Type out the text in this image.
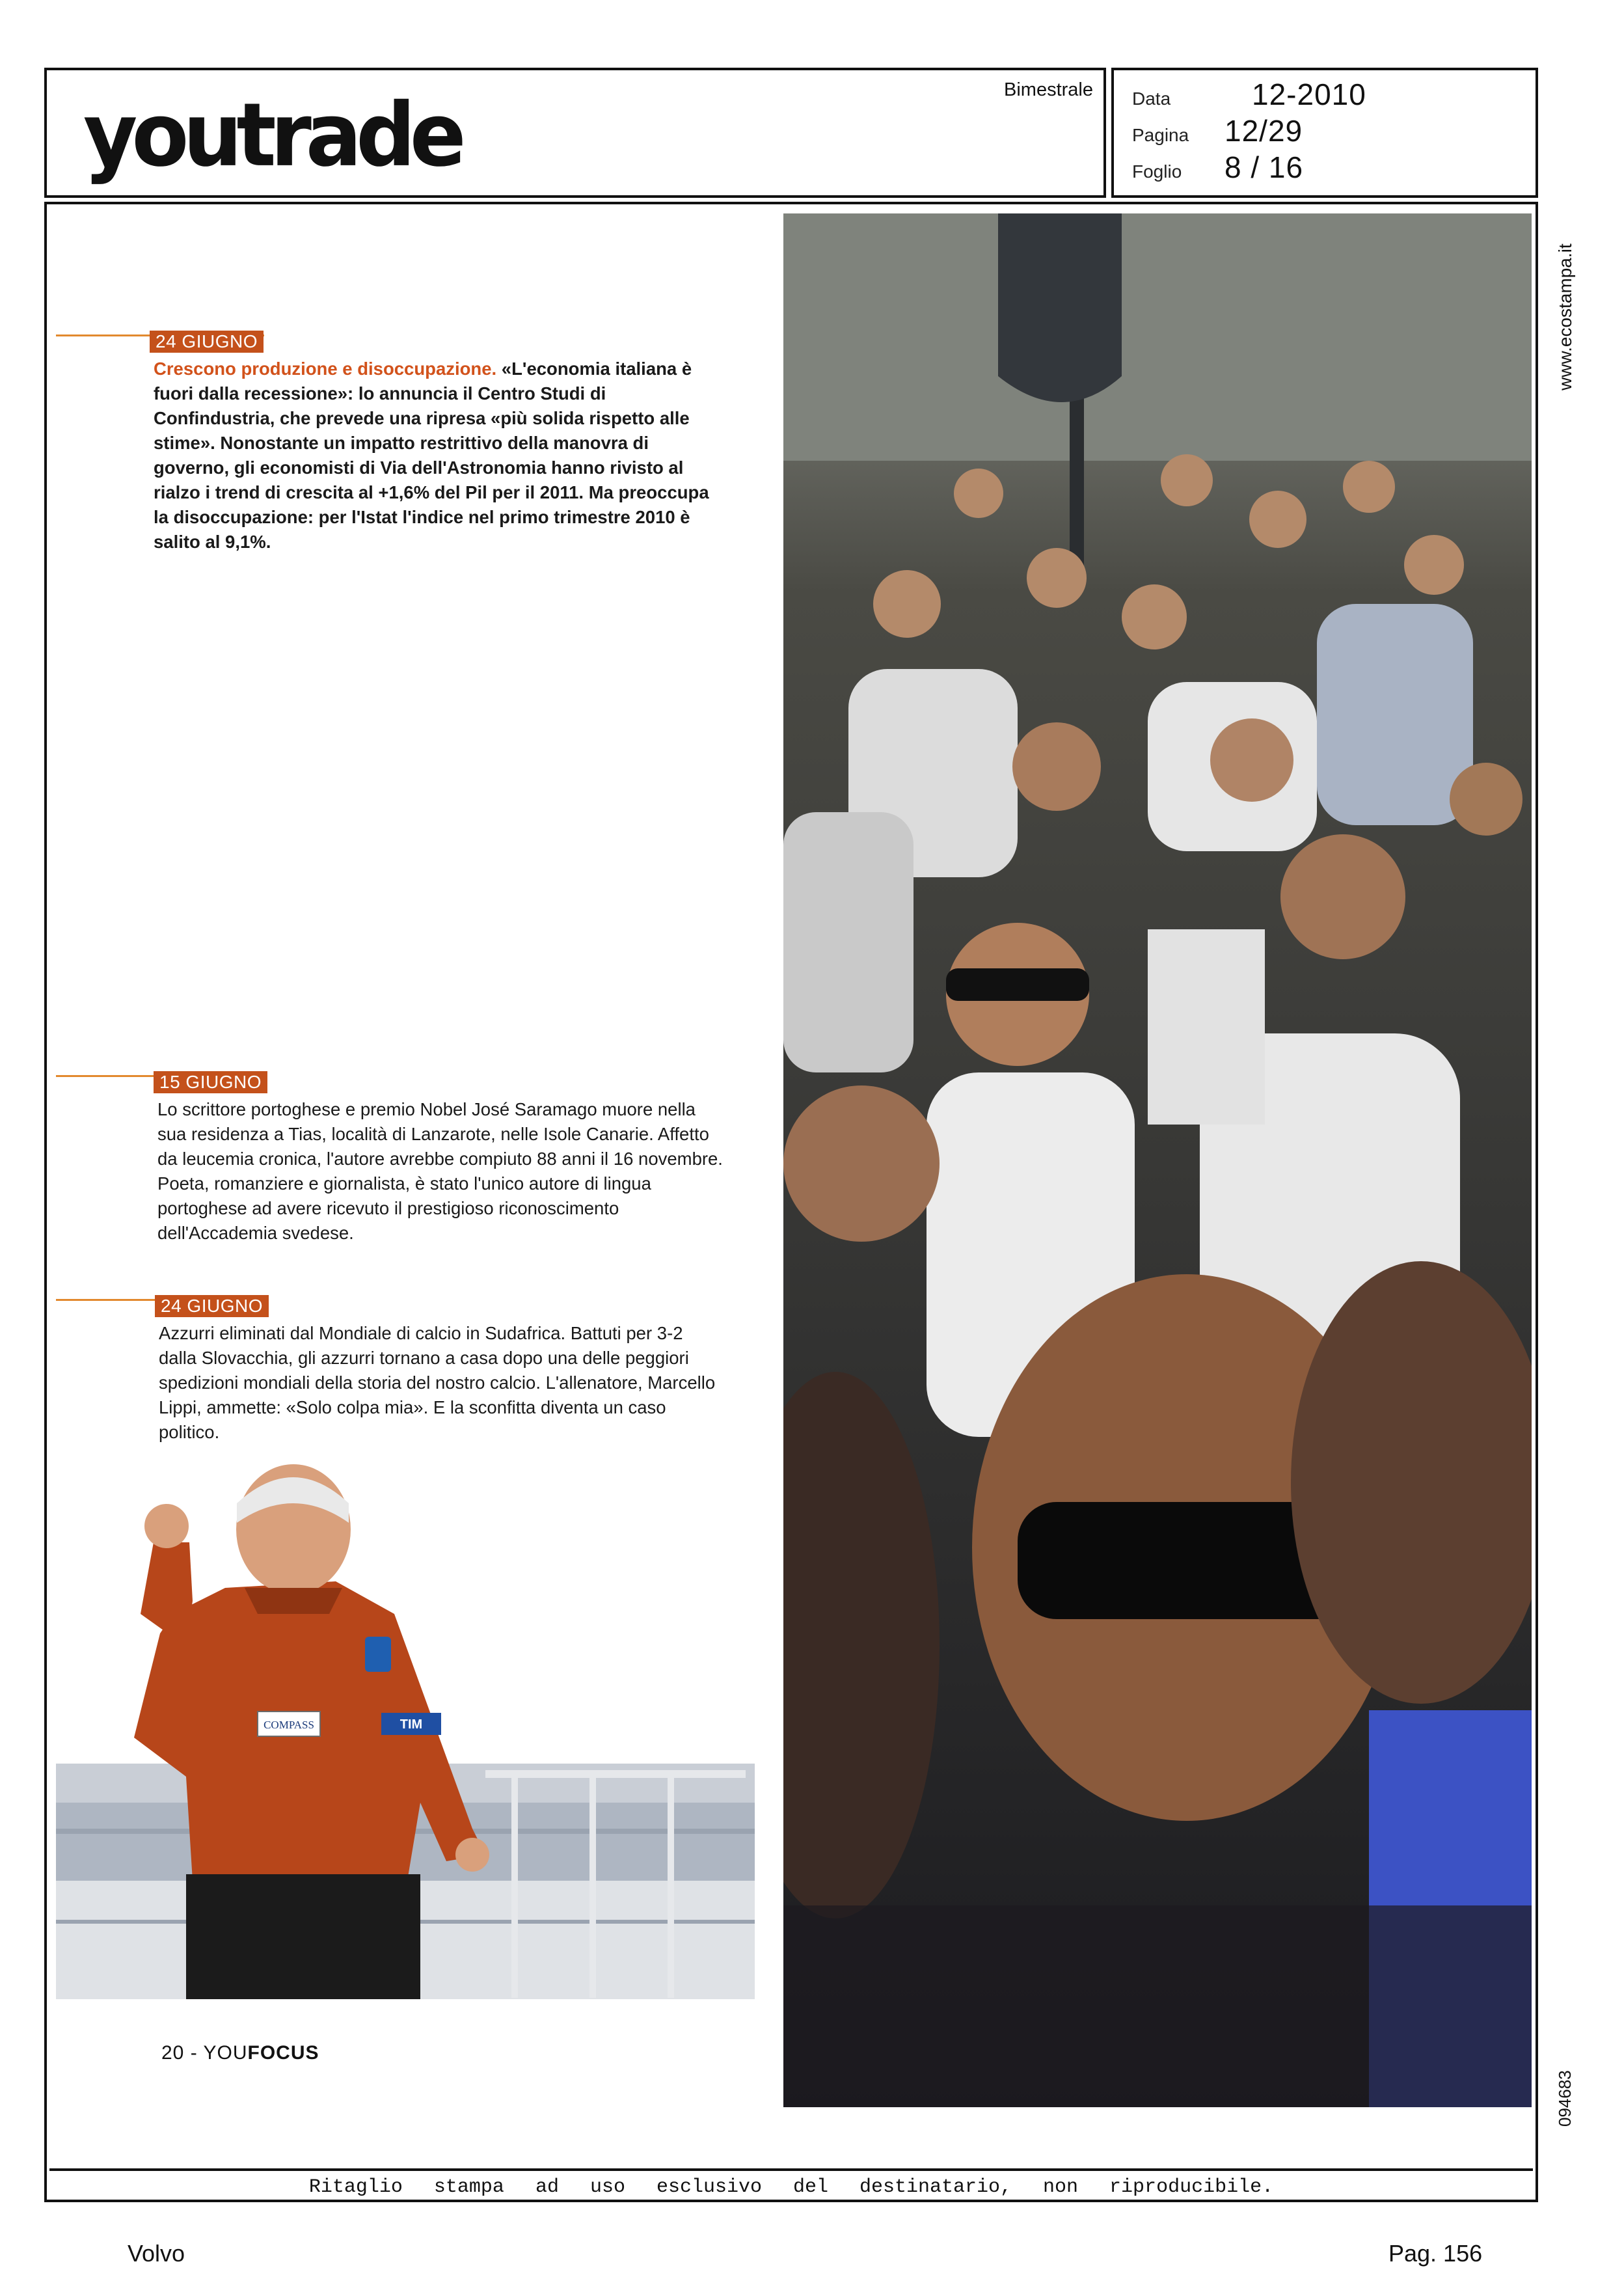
youtrade	Bimestrale Data	12-2010
Pagina	12/29
Foglio	8 / 16
Ritaglio stampa ad uso esclusivo del destinatario, non riproducibile.
www.ecostampa.it
094683
24 GIUGNO
Crescono produzione e disoccupazione. «L'economia italiana è fuori dalla recessione»: lo annuncia il Centro Studi di Confindustria, che prevede una ripresa «più solida rispetto alle stime». Nonostante un impatto restrittivo della manovra di governo, gli economisti di Via dell'Astronomia hanno rivisto al rialzo i trend di crescita al +1,6% del Pil per il 2011. Ma preoccupa la disoccupazione: per l'Istat l'indice nel primo trimestre 2010 è salito al 9,1%.
15 GIUGNO
Lo scrittore portoghese e premio Nobel José Saramago muore nella sua residenza a Tias, località di Lanzarote, nelle Isole Canarie. Affetto da leucemia cronica, l'autore avrebbe compiuto 88 anni il 16 novembre. Poeta, romanziere e giornalista, è stato l'unico autore di lingua portoghese ad avere ricevuto il prestigioso riconoscimento dell'Accademia svedese.
24 GIUGNO
Azzurri eliminati dal Mondiale di calcio in Sudafrica. Battuti per 3-2 dalla Slovacchia, gli azzurri tornano a casa dopo una delle peggiori spedizioni mondiali della storia del nostro calcio. L'allenatore, Marcello Lippi, ammette: «Solo colpa mia». E la sconfitta diventa un caso politico.
COMPASS	TIM
20 - YOUFOCUS
Volvo	Pag. 156
